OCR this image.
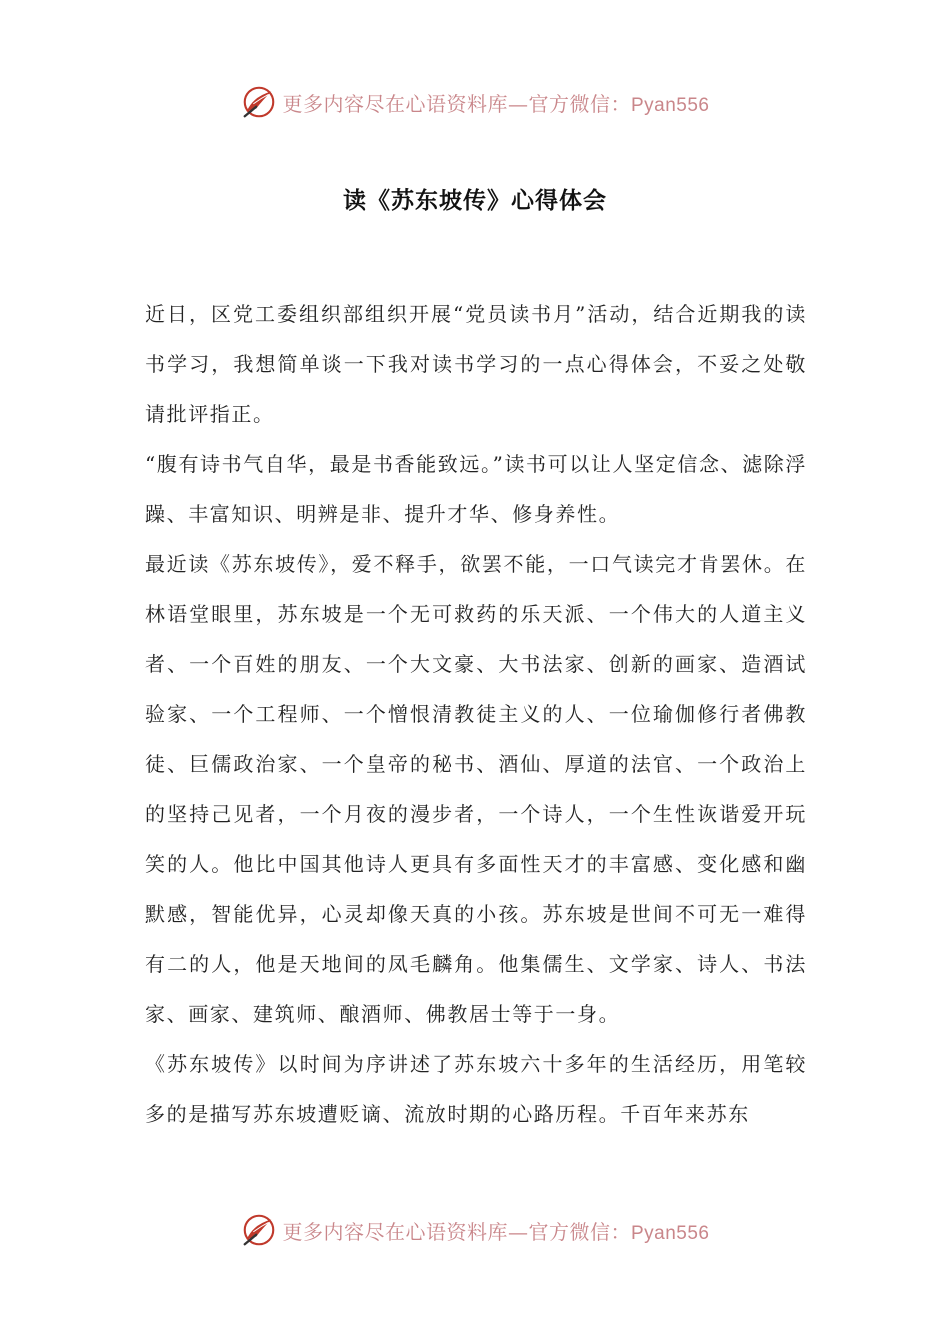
更多内容尽在心语资料库—官方微信：Pyan556
读《苏东坡传》心得体会

近日，区党工委组织部组织开展“党员读书月”活动，结合近期我的读书学习，我想简单谈一下我对读书学习的一点心得体会，不妥之处敬请批评指正。

“腹有诗书气自华，最是书香能致远。”读书可以让人坚定信念、滤除浮躁、丰富知识、明辨是非、提升才华、修身养性。

最近读《苏东坡传》，爱不释手，欲罢不能，一口气读完才肯罢休。在林语堂眼里，苏东坡是一个无可救药的乐天派、一个伟大的人道主义者、一个百姓的朋友、一个大文豪、大书法家、创新的画家、造酒试验家、一个工程师、一个憎恨清教徒主义的人、一位瑜伽修行者佛教徒、巨儒政治家、一个皇帝的秘书、酒仙、厚道的法官、一个政治上的坚持己见者，一个月夜的漫步者，一个诗人，一个生性诙谐爱开玩笑的人。他比中国其他诗人更具有多面性天才的丰富感、变化感和幽默感，智能优异，心灵却像天真的小孩。苏东坡是世间不可无一难得有二的人，他是天地间的凤毛麟角。他集儒生、文学家、诗人、书法家、画家、建筑师、酿酒师、佛教居士等于一身。

《苏东坡传》以时间为序讲述了苏东坡六十多年的生活经历，用笔较多的是描写苏东坡遭贬谪、流放时期的心路历程。千百年来苏东

更多内容尽在心语资料库—官方微信：Pyan556
